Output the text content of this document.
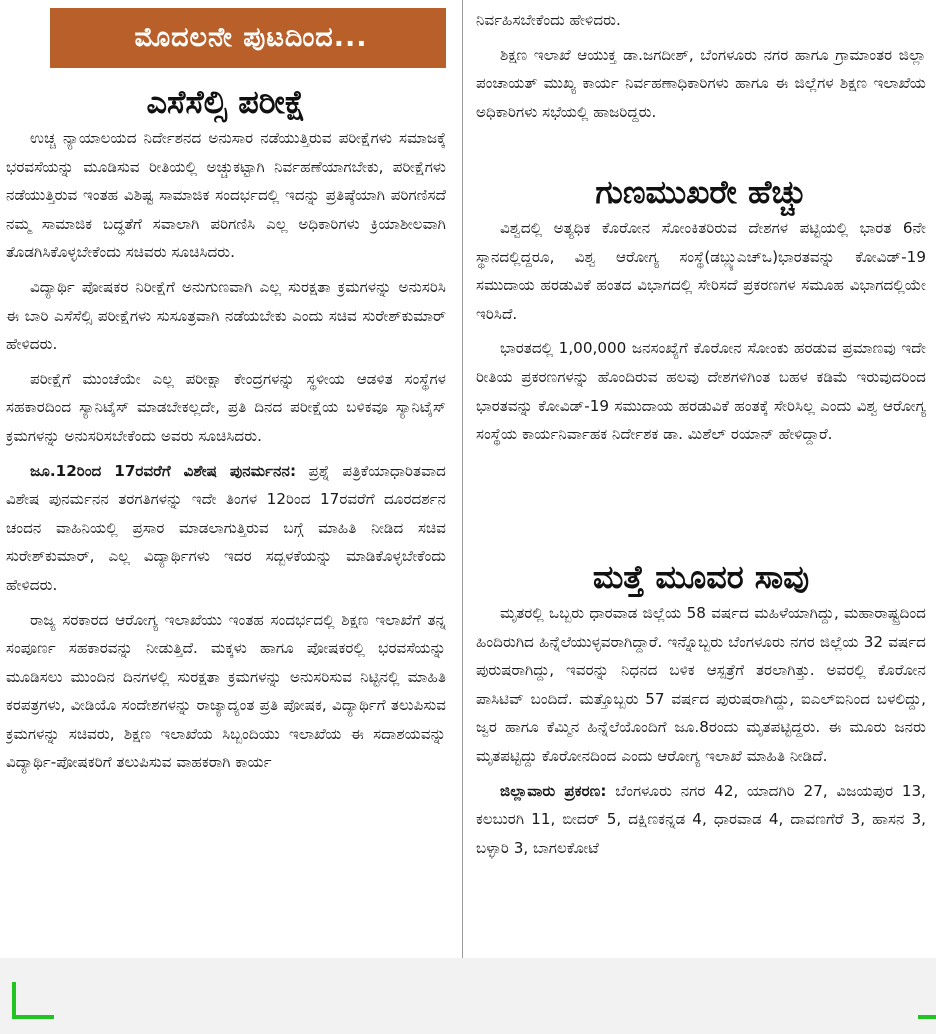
ಮೊದಲನೇ ಪುಟದಿಂದ...
ಎಸೆಸೆಲ್ಸಿ ಪರೀಕ್ಷೆ

ಉಚ್ಚ ನ್ಯಾಯಾಲಯದ ನಿರ್ದೇಶನದ ಅನುಸಾರ ನಡೆಯುತ್ತಿರುವ ಪರೀಕ್ಷೆಗಳು ಸಮಾಜಕ್ಕೆ ಭರವಸೆಯನ್ನು ಮೂಡಿಸುವ ರೀತಿಯಲ್ಲಿ ಅಚ್ಚುಕಟ್ಟಾಗಿ ನಿರ್ವಹಣೆಯಾಗಬೇಕು, ಪರೀಕ್ಷೆಗಳು ನಡೆಯುತ್ತಿರುವ ಇಂತಹ ವಿಶಿಷ್ಟ ಸಾಮಾಜಿಕ ಸಂದರ್ಭದಲ್ಲಿ ಇದನ್ನು ಪ್ರತಿಷ್ಠೆಯಾಗಿ ಪರಿಗಣಿಸದೆ ನಮ್ಮ ಸಾಮಾಜಿಕ ಬದ್ಧತೆಗೆ ಸವಾಲಾಗಿ ಪರಿಗಣಿಸಿ ಎಲ್ಲ ಅಧಿಕಾರಿಗಳು ಕ್ರಿಯಾಶೀಲವಾಗಿ ತೊಡಗಿಸಿಕೊಳ್ಳಬೇಕೆಂದು ಸಚಿವರು ಸೂಚಿಸಿದರು.

ವಿದ್ಯಾರ್ಥಿ ಪೋಷಕರ ನಿರೀಕ್ಷೆಗೆ ಅನುಗುಣವಾಗಿ ಎಲ್ಲ ಸುರಕ್ಷತಾ ಕ್ರಮಗಳನ್ನು ಅನುಸರಿಸಿ ಈ ಬಾರಿ ಎಸೆಸೆಲ್ಸಿ ಪರೀಕ್ಷೆಗಳು ಸುಸೂತ್ರವಾಗಿ ನಡೆಯಬೇಕು ಎಂದು ಸಚಿವ ಸುರೇಶ್‌ಕುಮಾರ್ ಹೇಳಿದರು.

ಪರೀಕ್ಷೆಗೆ ಮುಂಚೆಯೇ ಎಲ್ಲ ಪರೀಕ್ಷಾ ಕೇಂದ್ರಗಳನ್ನು ಸ್ಥಳೀಯ ಆಡಳಿತ ಸಂಸ್ಥೆಗಳ ಸಹಕಾರದಿಂದ ಸ್ಯಾನಿಟೈಸ್ ಮಾಡಬೇಕಲ್ಲದೇ, ಪ್ರತಿ ದಿನದ ಪರೀಕ್ಷೆಯ ಬಳಿಕವೂ ಸ್ಯಾನಿಟೈಸ್ ಕ್ರಮಗಳನ್ನು ಅನುಸರಿಸಬೇಕೆಂದು ಅವರು ಸೂಚಿಸಿದರು.

ಜೂ.12ರಿಂದ 17ರವರೆಗೆ ವಿಶೇಷ ಪುನರ್ಮನನ: ಪ್ರಶ್ನೆ ಪತ್ರಿಕೆಯಾಧಾರಿತವಾದ ವಿಶೇಷ ಪುನರ್ಮನನ ತರಗತಿಗಳನ್ನು ಇದೇ ತಿಂಗಳ 12ರಿಂದ 17ರವರೆಗೆ ದೂರದರ್ಶನ ಚಂದನ ವಾಹಿನಿಯಲ್ಲಿ ಪ್ರಸಾರ ಮಾಡಲಾಗುತ್ತಿರುವ ಬಗ್ಗೆ ಮಾಹಿತಿ ನೀಡಿದ ಸಚಿವ ಸುರೇಶ್‌ಕುಮಾರ್, ಎಲ್ಲ ವಿದ್ಯಾರ್ಥಿಗಳು ಇದರ ಸದ್ಬಳಕೆಯನ್ನು ಮಾಡಿಕೊಳ್ಳಬೇಕೆಂದು ಹೇಳಿದರು.

ರಾಜ್ಯ ಸರಕಾರದ ಆರೋಗ್ಯ ಇಲಾಖೆಯು ಇಂತಹ ಸಂದರ್ಭದಲ್ಲಿ ಶಿಕ್ಷಣ ಇಲಾಖೆಗೆ ತನ್ನ ಸಂಪೂರ್ಣ ಸಹಕಾರವನ್ನು ನೀಡುತ್ತಿದೆ. ಮಕ್ಕಳು ಹಾಗೂ ಪೋಷಕರಲ್ಲಿ ಭರವಸೆಯನ್ನು ಮೂಡಿಸಲು ಮುಂದಿನ ದಿನಗಳಲ್ಲಿ ಸುರಕ್ಷತಾ ಕ್ರಮಗಳನ್ನು ಅನುಸರಿಸುವ ನಿಟ್ಟಿನಲ್ಲಿ ಮಾಹಿತಿ ಕರಪತ್ರಗಳು, ವೀಡಿಯೊ ಸಂದೇಶಗಳನ್ನು ರಾಜ್ಯಾದ್ಯಂತ ಪ್ರತಿ ಪೋಷಕ, ವಿದ್ಯಾರ್ಥಿಗೆ ತಲುಪಿಸುವ ಕ್ರಮಗಳನ್ನು ಸಚಿವರು, ಶಿಕ್ಷಣ ಇಲಾಖೆಯ ಸಿಬ್ಬಂದಿಯು ಇಲಾಖೆಯ ಈ ಸದಾಶಯವನ್ನು ವಿದ್ಯಾರ್ಥಿ-ಪೋಷಕರಿಗೆ ತಲುಪಿಸುವ ವಾಹಕರಾಗಿ ಕಾರ್ಯ

ನಿರ್ವಹಿಸಬೇಕೆಂದು ಹೇಳಿದರು.

ಶಿಕ್ಷಣ ಇಲಾಖೆ ಆಯುಕ್ತ ಡಾ.ಜಗದೀಶ್, ಬೆಂಗಳೂರು ನಗರ ಹಾಗೂ ಗ್ರಾಮಾಂತರ ಜಿಲ್ಲಾ ಪಂಚಾಯತ್ ಮುಖ್ಯ ಕಾರ್ಯ ನಿರ್ವಹಣಾಧಿಕಾರಿಗಳು ಹಾಗೂ ಈ ಜಿಲ್ಲೆಗಳ ಶಿಕ್ಷಣ ಇಲಾಖೆಯ ಅಧಿಕಾರಿಗಳು ಸಭೆಯಲ್ಲಿ ಹಾಜರಿದ್ದರು.

ಗುಣಮುಖರೇ ಹೆಚ್ಚು

ವಿಶ್ವದಲ್ಲಿ ಅತ್ಯಧಿಕ ಕೊರೋನ ಸೋಂಕಿತರಿರುವ ದೇಶಗಳ ಪಟ್ಟಿಯಲ್ಲಿ ಭಾರತ 6ನೇ ಸ್ಥಾನದಲ್ಲಿದ್ದರೂ, ವಿಶ್ವ ಆರೋಗ್ಯ ಸಂಸ್ಥೆ(ಡಬ್ಲ್ಯುಎಚ್‌ಒ)ಭಾರತವನ್ನು ಕೋವಿಡ್-19 ಸಮುದಾಯ ಹರಡುವಿಕೆ ಹಂತದ ವಿಭಾಗದಲ್ಲಿ ಸೇರಿಸದೆ ಪ್ರಕರಣಗಳ ಸಮೂಹ ವಿಭಾಗದಲ್ಲಿಯೇ ಇರಿಸಿದೆ.

ಭಾರತದಲ್ಲಿ 1,00,000 ಜನಸಂಖ್ಯೆಗೆ ಕೊರೋನ ಸೋಂಕು ಹರಡುವ ಪ್ರಮಾಣವು ಇದೇ ರೀತಿಯ ಪ್ರಕರಣಗಳನ್ನು ಹೊಂದಿರುವ ಹಲವು ದೇಶಗಳಿಗಿಂತ ಬಹಳ ಕಡಿಮೆ ಇರುವುದರಿಂದ ಭಾರತವನ್ನು ಕೋವಿಡ್-19 ಸಮುದಾಯ ಹರಡುವಿಕೆ ಹಂತಕ್ಕೆ ಸೇರಿಸಿಲ್ಲ ಎಂದು ವಿಶ್ವ ಆರೋಗ್ಯ ಸಂಸ್ಥೆಯ ಕಾರ್ಯನಿರ್ವಾಹಕ ನಿರ್ದೇಶಕ ಡಾ. ಮಿಶೆಲ್ ರಯಾನ್ ಹೇಳಿದ್ದಾರೆ.

ಮತ್ತೆ ಮೂವರ ಸಾವು

ಮೃತರಲ್ಲಿ ಒಬ್ಬರು ಧಾರವಾಡ ಜಿಲ್ಲೆಯ 58 ವರ್ಷದ ಮಹಿಳೆಯಾಗಿದ್ದು, ಮಹಾರಾಷ್ಟ್ರದಿಂದ ಹಿಂದಿರುಗಿದ ಹಿನ್ನೆಲೆಯುಳ್ಳವರಾಗಿದ್ದಾರೆ. ಇನ್ನೊಬ್ಬರು ಬೆಂಗಳೂರು ನಗರ ಜಿಲ್ಲೆಯ 32 ವರ್ಷದ ಪುರುಷರಾಗಿದ್ದು, ಇವರನ್ನು ನಿಧನದ ಬಳಿಕ ಆಸ್ಪತ್ರೆಗೆ ತರಲಾಗಿತ್ತು. ಅವರಲ್ಲಿ ಕೊರೋನ ಪಾಸಿಟಿವ್ ಬಂದಿದೆ. ಮತ್ತೊಬ್ಬರು 57 ವರ್ಷದ ಪುರುಷರಾಗಿದ್ದು, ಐಎಲ್‌ಐನಿಂದ ಬಳಲಿದ್ದು, ಜ್ವರ ಹಾಗೂ ಕೆಮ್ಮಿನ ಹಿನ್ನೆಲೆಯೊಂದಿಗೆ ಜೂ.8ರಂದು ಮೃತಪಟ್ಟಿದ್ದರು. ಈ ಮೂರು ಜನರು ಮೃತಪಟ್ಟಿದ್ದು ಕೊರೋನದಿಂದ ಎಂದು ಆರೋಗ್ಯ ಇಲಾಖೆ ಮಾಹಿತಿ ನೀಡಿದೆ.

ಜಿಲ್ಲಾವಾರು ಪ್ರಕರಣ: ಬೆಂಗಳೂರು ನಗರ 42, ಯಾದಗಿರಿ 27, ವಿಜಯಪುರ 13, ಕಲಬುರಗಿ 11, ಬೀದರ್ 5, ದಕ್ಷಿಣಕನ್ನಡ 4, ಧಾರವಾಡ 4, ದಾವಣಗೆರೆ 3, ಹಾಸನ 3, ಬಳ್ಳಾರಿ 3, ಬಾಗಲಕೋಟೆ
